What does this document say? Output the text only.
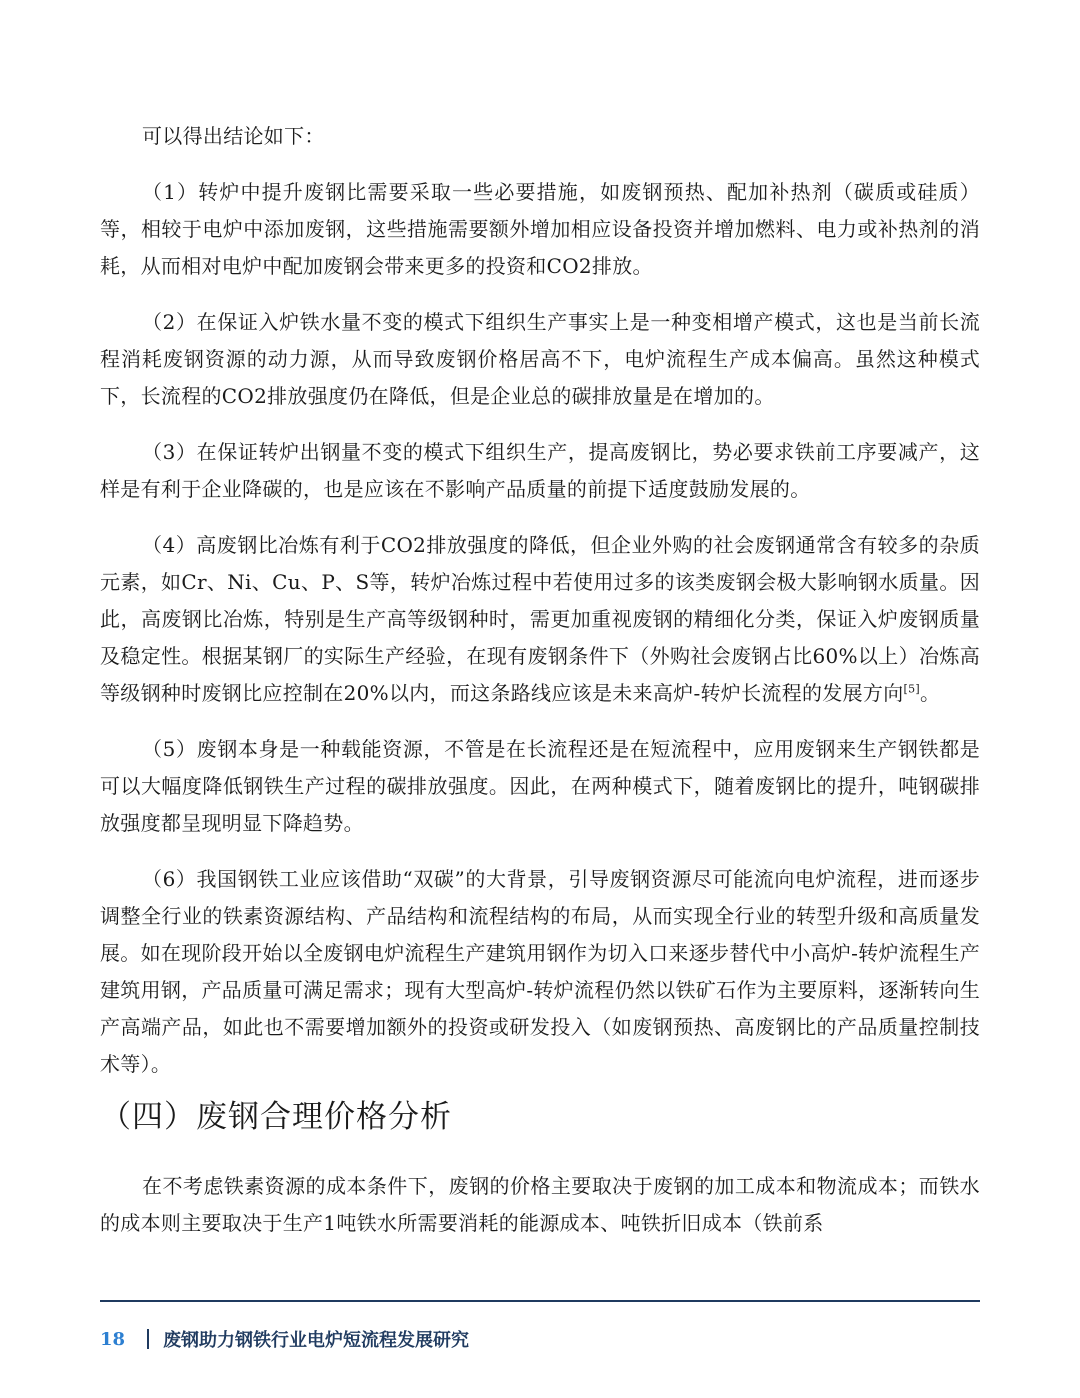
可以得出结论如下：

（1）转炉中提升废钢比需要采取一些必要措施，如废钢预热、配加补热剂（碳质或硅质）等，相较于电炉中添加废钢，这些措施需要额外增加相应设备投资并增加燃料、电力或补热剂的消耗，从而相对电炉中配加废钢会带来更多的投资和CO2排放。

（2）在保证入炉铁水量不变的模式下组织生产事实上是一种变相增产模式，这也是当前长流程消耗废钢资源的动力源，从而导致废钢价格居高不下，电炉流程生产成本偏高。虽然这种模式下，长流程的CO2排放强度仍在降低，但是企业总的碳排放量是在增加的。

（3）在保证转炉出钢量不变的模式下组织生产，提高废钢比，势必要求铁前工序要减产，这样是有利于企业降碳的，也是应该在不影响产品质量的前提下适度鼓励发展的。

（4）高废钢比冶炼有利于CO2排放强度的降低，但企业外购的社会废钢通常含有较多的杂质元素，如Cr、Ni、Cu、P、S等，转炉冶炼过程中若使用过多的该类废钢会极大影响钢水质量。因此，高废钢比冶炼，特别是生产高等级钢种时，需更加重视废钢的精细化分类，保证入炉废钢质量及稳定性。根据某钢厂的实际生产经验，在现有废钢条件下（外购社会废钢占比60%以上）冶炼高等级钢种时废钢比应控制在20%以内，而这条路线应该是未来高炉-转炉长流程的发展方向[5]。

（5）废钢本身是一种载能资源，不管是在长流程还是在短流程中，应用废钢来生产钢铁都是可以大幅度降低钢铁生产过程的碳排放强度。因此，在两种模式下，随着废钢比的提升，吨钢碳排放强度都呈现明显下降趋势。

（6）我国钢铁工业应该借助“双碳”的大背景，引导废钢资源尽可能流向电炉流程，进而逐步调整全行业的铁素资源结构、产品结构和流程结构的布局，从而实现全行业的转型升级和高质量发展。如在现阶段开始以全废钢电炉流程生产建筑用钢作为切入口来逐步替代中小高炉-转炉流程生产建筑用钢，产品质量可满足需求；现有大型高炉-转炉流程仍然以铁矿石作为主要原料，逐渐转向生产高端产品，如此也不需要增加额外的投资或研发投入（如废钢预热、高废钢比的产品质量控制技术等）。

（四）废钢合理价格分析

在不考虑铁素资源的成本条件下，废钢的价格主要取决于废钢的加工成本和物流成本；而铁水的成本则主要取决于生产1吨铁水所需要消耗的能源成本、吨铁折旧成本（铁前系

18 废钢助力钢铁行业电炉短流程发展研究
